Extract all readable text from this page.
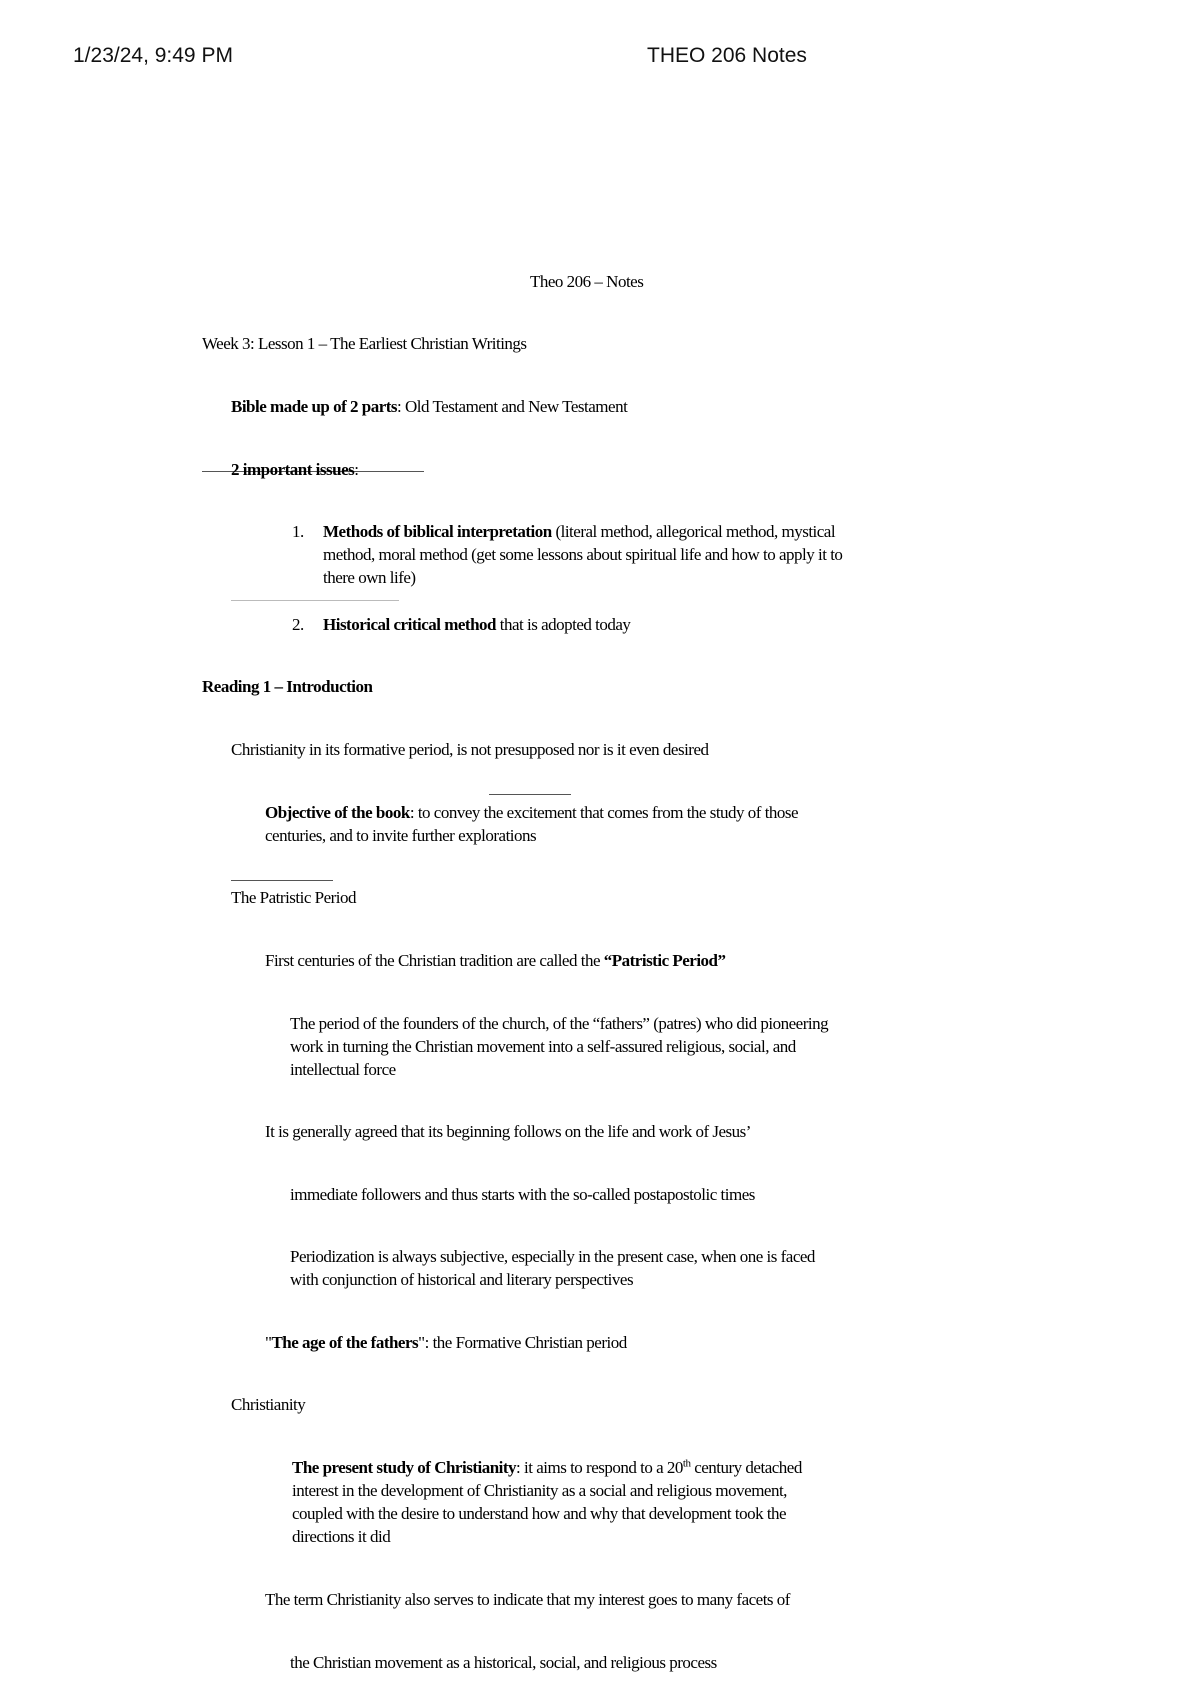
1/23/24, 9:49 PM	THEO 206 Notes
Theo 206 – Notes
Week 3: Lesson 1 – The Earliest Christian Writings
Bible made up of 2 parts: Old Testament and New Testament
2 important issues:
1. Methods of biblical interpretation (literal method, allegorical method, mystical
method, moral method (get some lessons about spiritual life and how to apply it to
there own life)
2. Historical critical method that is adopted today
Reading 1 – Introduction
Christianity in its formative period, is not presupposed nor is it even desired
Objective of the book: to convey the excitement that comes from the study of those
centuries, and to invite further explorations
The Patristic Period
First centuries of the Christian tradition are called the “Patristic Period”
The period of the founders of the church, of the “fathers” (patres) who did pioneering
work in turning the Christian movement into a self-assured religious, social, and
intellectual force
It is generally agreed that its beginning follows on the life and work of Jesus’
immediate followers and thus starts with the so-called postapostolic times
Periodization is always subjective, especially in the present case, when one is faced
with conjunction of historical and literary perspectives
"The age of the fathers": the Formative Christian period
Christianity
The present study of Christianity: it aims to respond to a 20th century detached
interest in the development of Christianity as a social and religious movement,
coupled with the desire to understand how and why that development took the
directions it did
The term Christianity also serves to indicate that my interest goes to many facets of
the Christian movement as a historical, social, and religious process
